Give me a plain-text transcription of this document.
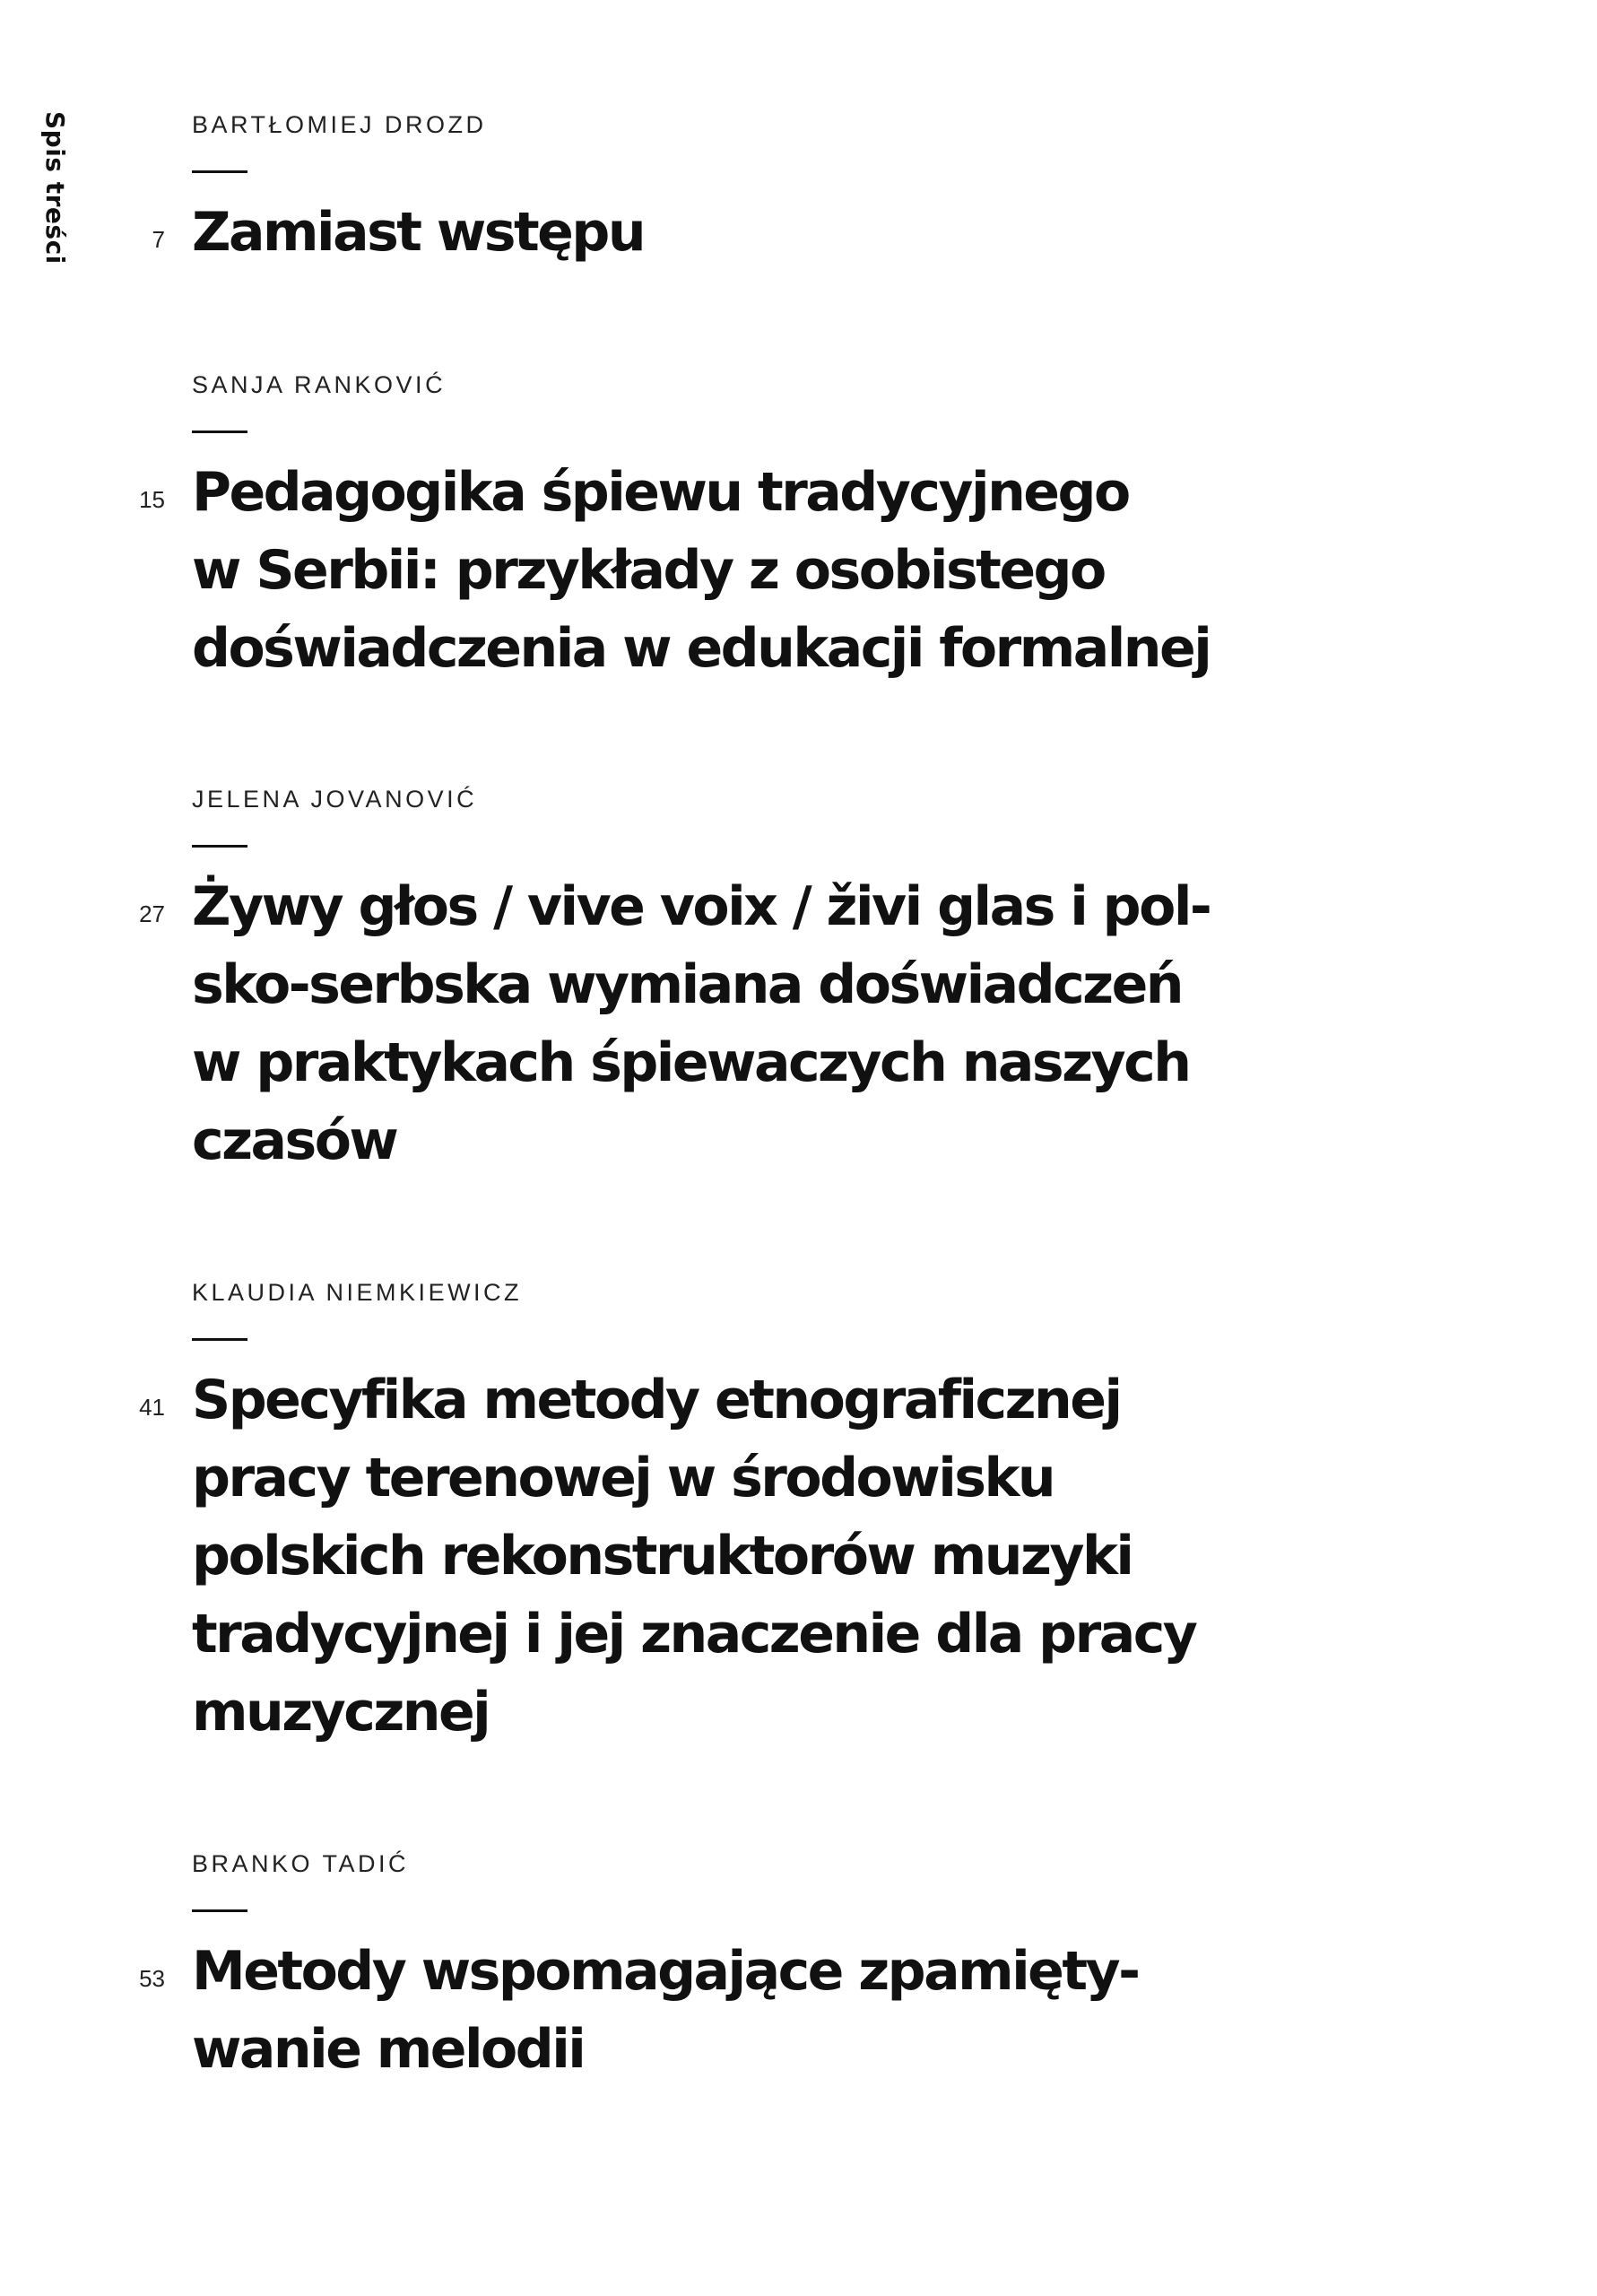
Spis treści	BARTŁOMIEJ DROZD
7 Zamiast wstępu
SANJA RANKOVIĆ
15 Pedagogika śpiewu tradycyjnego
w Serbii: przykłady z osobistego
doświadczenia w edukacji formalnej
JELENA JOVANOVIĆ
27 Żywy głos / vive voix / živi glas i pol-
sko-serbska wymiana doświadczeń
w praktykach śpiewaczych naszych
czasów
KLAUDIA NIEMKIEWICZ
41 Specyfika metody etnograficznej
pracy terenowej w środowisku
polskich rekonstruktorów muzyki
tradycyjnej i jej znaczenie dla pracy
muzycznej
BRANKO TADIĆ
53 Metody wspomagające zpamięty-
wanie melodii
